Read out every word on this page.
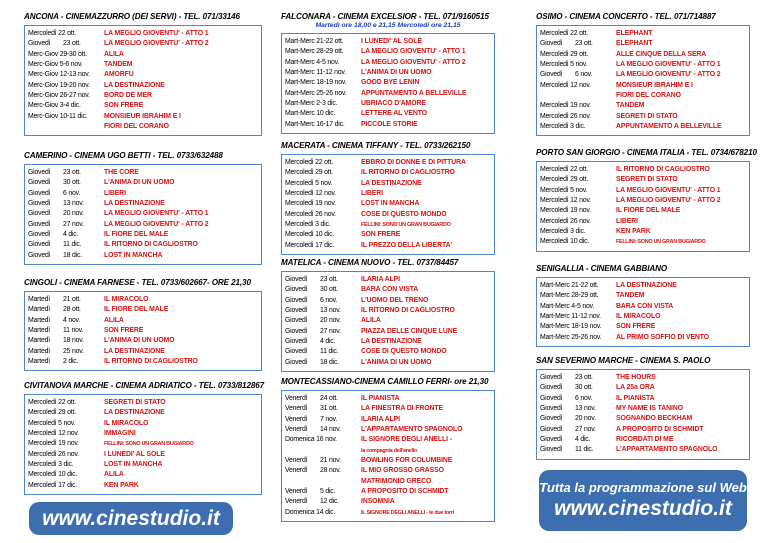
ANCONA - CINEMAZZURRO (DEI SERVI) - TEL. 071/33146
Mercoledì 22 ott.	LA MEGLIO GIOVENTU' - ATTO 1
Giovedì 23 ott.	LA MEGLIO GIOVENTU' - ATTO 2
Merc-Giov 29-30 ott.	ALILA
Merc-Giov 5-6 nov.	TANDEM
Merc-Giov 12-13 nov.	AMORFU
Merc-Giov 19-20 nov.	LA DESTINAZIONE
Merc-Giov 26-27 nov.	BORD DE MER
Merc-Giov 3-4 dic.	SON FRERE
Merc-Giov 10-11 dic.	MONSIEUR IBRAHIM E I
FIORI DEL CORANO
CAMERINO - CINEMA UGO BETTI - TEL. 0733/632488
Giovedì 23 ott.	THE CORE
Giovedì 30 ott.	L'ANIMA DI UN UOMO
Giovedì 6 nov.	LIBERI
Giovedì 13 nov.	LA DESTINAZIONE
Giovedì 20 nov.	LA MEGLIO GIOVENTU' - ATTO 1
Giovedì 27 nov.	LA MEGLIO GIOVENTU' - ATTO 2
Giovedì 4 dic.	IL FIORE DEL MALE
Giovedì 11 dic.	IL RITORNO DI CAGLIOSTRO
Giovedì 18 dic.	LOST IN MANCHA
CINGOLI - CINEMA FARNESE - TEL. 0733/602667- ORE 21,30
Martedì 21 ott.	IL MIRACOLO
Martedì 28 ott.	IL FIORE DEL MALE
Martedì 4 nov.	ALILA
Martedì 11 nov.	SON FRERE
Martedì 18 nov.	L'ANIMA DI UN UOMO
Martedì 25 nov.	LA DESTINAZIONE
Martedì 2 dic.	IL RITORNO DI CAGLIOSTRO
CIVITANOVA MARCHE - CINEMA ADRIATICO - TEL. 0733/812867
Mercoledì 22 ott.	SEGRETI DI STATO
Mercoledì 29 ott.	LA DESTINAZIONE
Mercoledì 5 nov.	IL MIRACOLO
Mercoledì 12 nov.	IMMAGINI
Mercoledì 19 nov.	FELLINI: SONO UN GRAN BUGIARDO
Mercoledì 26 nov.	I LUNEDI' AL SOLE
Mercoledì 3 dic.	LOST IN MANCHA
Mercoledì 10 dic.	ALILA
Mercoledì 17 dic.	KEN PARK
www.cinestudio.it
FALCONARA - CINEMA EXCELSIOR - TEL. 071/9160515
Martedì ore 18,00 e 21,15 Mercoledì ore 21,15
Mart-Merc 21-22 ott.	I LUNEDI' AL SOLE
Mart-Merc 28-29 ott.	LA MEGLIO GIOVENTU' - ATTO 1
Mart-Merc 4-5 nov.	LA MEGLIO GIOVENTU' - ATTO 2
Mart-Merc 11-12 nov.	L'ANIMA DI UN UOMO
Mart-Merc 18-19 nov.	GOOD BYE LENIN
Mart-Merc 25-26 nov.	APPUNTAMENTO A BELLEVILLE
Mart-Merc 2-3 dic.	UBRIACO D'AMORE
Mart-Merc 10 dic.	LETTERE AL VENTO
Mart-Merc 16-17 dic.	PICCOLE STORIE
MACERATA - CINEMA TIFFANY - TEL. 0733/262150
Mercoledì 22 ott.	EBBRO DI DONNE E DI PITTURA
Mercoledì 29 ott.	IL RITORNO DI CAGLIOSTRO
Mercoledì 5 nov.	LA DESTINAZIONE
Mercoledì 12 nov.	LIBERI
Mercoledì 19 nov.	LOST IN MANCHA
Mercoledì 26 nov.	COSE DI QUESTO MONDO
Mercoledì 3 dic.	FELLINI: SONO UN GRAN BUGIARDO
Mercoledì 10 dic.	SON FRERE
Mercoledì 17 dic.	IL PREZZO DELLA LIBERTA'
MATELICA - CINEMA NUOVO - TEL. 0737/84457
Giovedì 23 ott.	ILARIA ALPI
Giovedì 30 ott.	BARA CON VISTA
Giovedì 6 nov.	L'UOMO DEL TRENO
Giovedì 13 nov.	IL RITORNO DI CAGLIOSTRO
Giovedì 20 nov.	ALILA
Giovedì 27 nov.	PIAZZA DELLE CINQUE LUNE
Giovedì 4 dic.	LA DESTINAZIONE
Giovedì 11 dic.	COSE DI QUESTO MONDO
Giovedì 18 dic.	L'ANIMA DI UN UOMO
MONTECASSIANO-CINEMA CAMILLO FERRI- ore 21,30
Venerdì 24 ott.	IL PIANISTA
Venerdì 31 ott.	LA FINESTRA DI FRONTE
Venerdì 7 nov.	ILARIA ALPI
Venerdì 14 nov.	L'APPARTAMENTO SPAGNOLO
Domenica 16 nov.	IL SIGNORE DEGLI ANELLI -
la compagnia dell'anello
Venerdì 21 nov.	BOWLING FOR COLUMBINE
Venerdì 28 nov.	IL MIO GROSSO GRASSO
MATRIMONIO GRECO
Venerdì 5 dic.	A PROPOSITO DI SCHMIDT
Venerdì 12 dic.	INSOMNIA
Domenica 14 dic.	IL SIGNORE DEGLI ANELLI - le due torri
OSIMO - CINEMA CONCERTO - TEL. 071/714887
Mercoledì 22 ott.	ELEPHANT
Giovedì 23 ott.	ELEPHANT
Mercoledì 29 ott.	ALLE CINQUE DELLA SERA
Mercoledì 5 nov.	LA MEGLIO GIOVENTU' - ATTO 1
Giovedì 6 nov.	LA MEGLIO GIOVENTU' - ATTO 2
Mercoledì 12 nov.	MONSIEUR IBRAHIM E I
FIORI DEL CORANO
Mercoledì 19 nov.	TANDEM
Mercoledì 26 nov.	SEGRETI DI STATO
Mercoledì 3 dic.	APPUNTAMENTO A BELLEVILLE
PORTO SAN GIORGIO - CINEMA ITALIA - TEL. 0734/678210
Mercoledì 22 ott.	IL RITORNO DI CAGLIOSTRO
Mercoledì 29 ott.	SEGRETI DI STATO
Mercoledì 5 nov.	LA MEGLIO GIOVENTU' - ATTO 1
Mercoledì 12 nov.	LA MEGLIO GIOVENTU' - ATTO 2
Mercoledì 19 nov.	IL FIORE DEL MALE
Mercoledì 26 nov.	LIBERI
Mercoledì 3 dic.	KEN PARK
Mercoledì 10 dic.	FELLINI: SONO UN GRAN BUGIARDO
SENIGALLIA - CINEMA GABBIANO
Mart-Merc 21-22 ott.	LA DESTINAZIONE
Mart-Merc 28-29 ott.	TANDEM
Mart-Merc 4-5 nov.	BARA CON VISTA
Mart-Merc 11-12 nov.	IL MIRACOLO
Mart-Merc 18-19 nov.	SON FRERE
Mart-Merc 25-26 nov.	AL PRIMO SOFFIO DI VENTO
SAN SEVERINO MARCHE - CINEMA S. PAOLO
Giovedì 23 ott.	THE HOURS
Giovedì 30 ott.	LA 25a ORA
Giovedì 6 nov.	IL PIANISTA
Giovedì 13 nov.	MY NAME IS TANINO
Giovedì 20 nov.	SOGNANDO BECKHAM
Giovedì 27 nov.	A PROPOSITO DI SCHMIDT
Giovedì 4 dic.	RICORDATI DI ME
Giovedì 11 dic.	L'APPARTAMENTO SPAGNOLO
Tutta la programmazione sul Web
www.cinestudio.it
